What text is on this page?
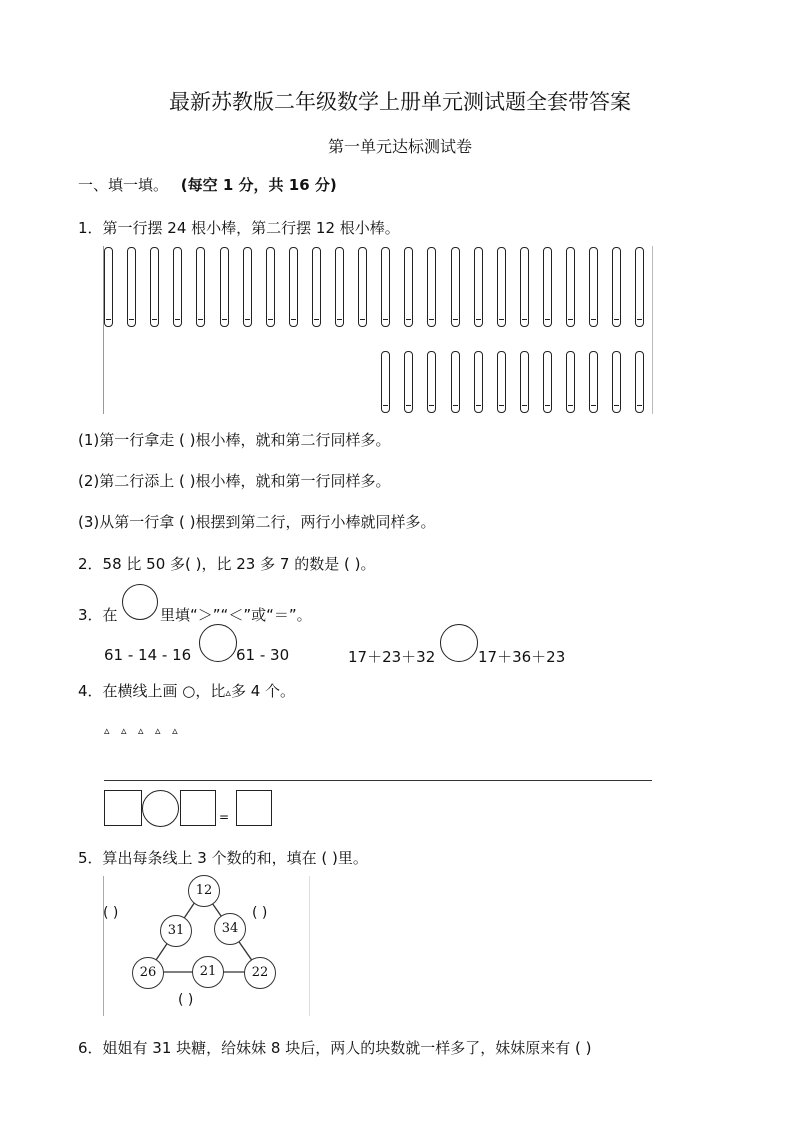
最新苏教版二年级数学上册单元测试题全套带答案
第一单元达标测试卷
一、填一填。 (每空 1 分，共 16 分)
1．第一行摆 24 根小棒，第二行摆 12 根小棒。
(1)第一行拿走 ( )根小棒，就和第二行同样多。
(2)第二行添上 ( )根小棒，就和第一行同样多。
(3)从第一行拿 ( )根摆到第二行，两行小棒就同样多。
2．58 比 50 多( )，比 23 多 7 的数是 ( )。
3．在	里填“＞”“＜”或“＝”。
61 - 14 - 16	61 - 30	17＋23＋32	17＋36＋23
4．在横线上画 ○，比▵多 4 个。
▵ ▵ ▵ ▵ ▵
=
5．算出每条线上 3 个数的和，填在 ( )里。
12
31	34
26	21	22
( )	( )
( )
6．姐姐有 31 块糖，给妹妹 8 块后，两人的块数就一样多了，妹妹原来有 ( )
